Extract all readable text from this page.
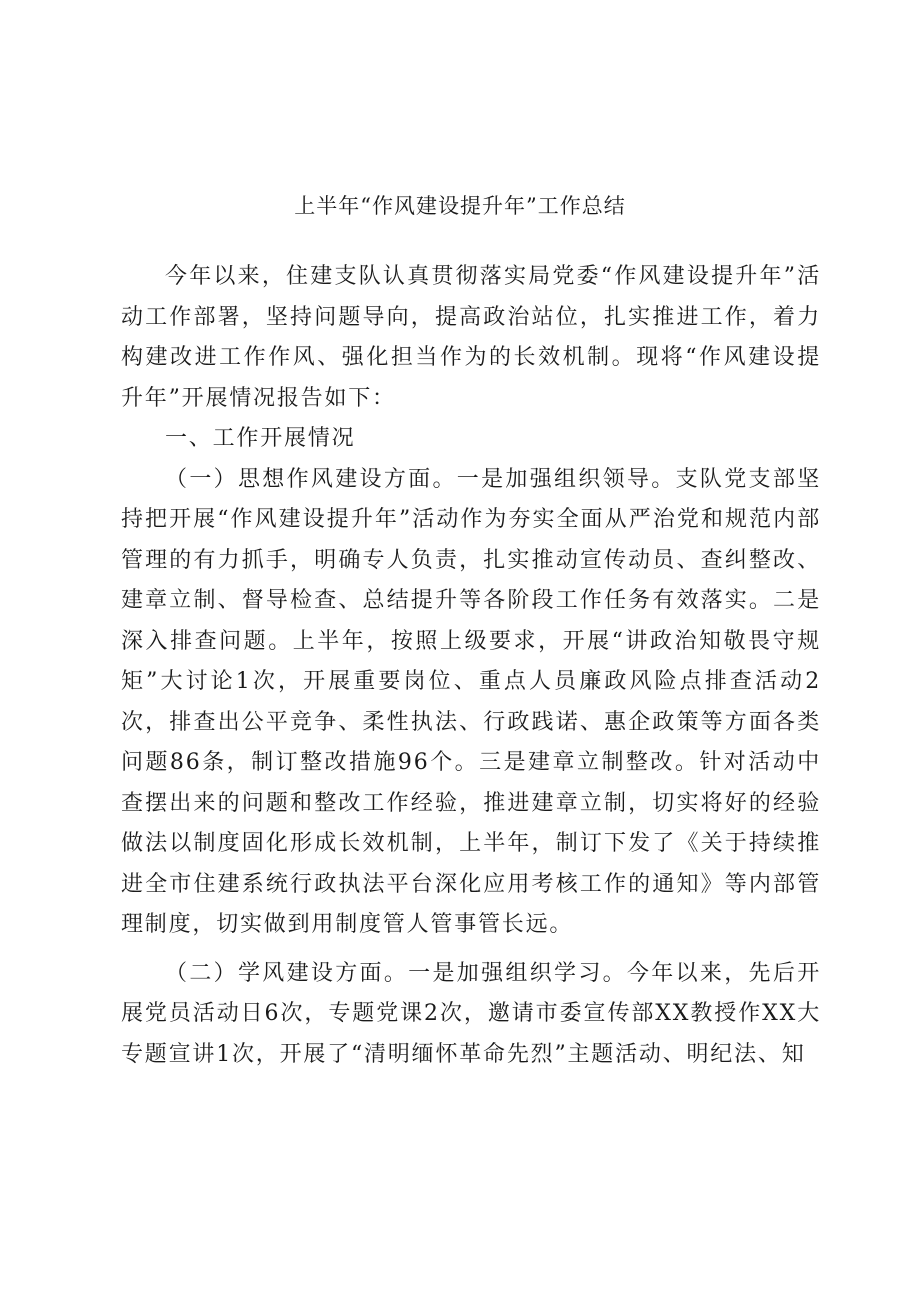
上半年“作风建设提升年”工作总结

今年以来，住建支队认真贯彻落实局党委“作风建设提升年”活动工作部署，坚持问题导向，提高政治站位，扎实推进工作，着力构建改进工作作风、强化担当作为的长效机制。现将“作风建设提升年”开展情况报告如下：

一、工作开展情况

（一）思想作风建设方面。一是加强组织领导。支队党支部坚持把开展“作风建设提升年”活动作为夯实全面从严治党和规范内部管理的有力抓手，明确专人负责，扎实推动宣传动员、查纠整改、建章立制、督导检查、总结提升等各阶段工作任务有效落实。二是深入排查问题。上半年，按照上级要求，开展“讲政治知敬畏守规矩”大讨论1次，开展重要岗位、重点人员廉政风险点排查活动2次，排查出公平竞争、柔性执法、行政践诺、惠企政策等方面各类问题86条，制订整改措施96个。三是建章立制整改。针对活动中查摆出来的问题和整改工作经验，推进建章立制，切实将好的经验做法以制度固化形成长效机制，上半年，制订下发了《关于持续推进全市住建系统行政执法平台深化应用考核工作的通知》等内部管理制度，切实做到用制度管人管事管长远。

（二）学风建设方面。一是加强组织学习。今年以来，先后开展党员活动日6次，专题党课2次，邀请市委宣传部XX教授作XX大专题宣讲1次，开展了“清明缅怀革命先烈”主题活动、明纪法、知
